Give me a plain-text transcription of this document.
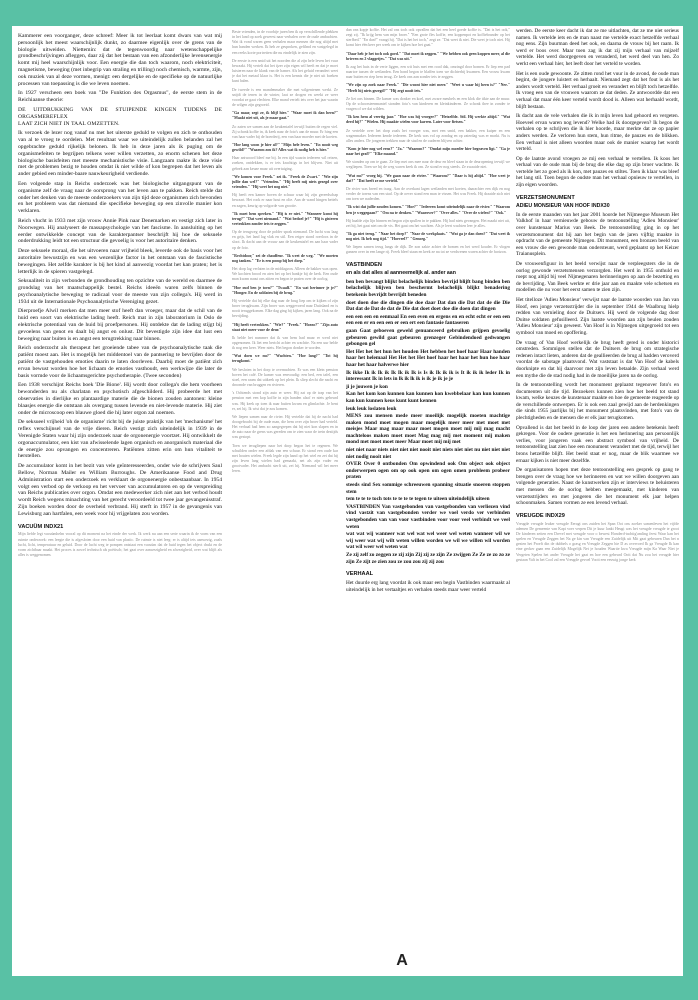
Kammerer een voorganger, deze schreef: Meer ik tot leerlaat komt dwars van wat mij persoonlijk het meest waarschijnlijk dunkt, zo daarmee eigenlijk over de grens van de biologie uitweiden. Niettemin: dat de tegenwoordig naar wetenschappelijke grondbeschrijvingen afleggen, daar zij dat het bestaan van een afzonderlijke levensenergie komt mij heel waarschijnlijk voor. Een energie die dan toch waarom, noch elektriciteit, magnetisme, beweging (met inbegrip van straling en trilling) noch chemisch, warmte, zijn, ook muziek van al deze vormen, menigt: een dergelijke en de specifieke op de natuurlijke processen van toepassing is die we leven noemen.

In 1927 verscheen een boek van "De Funktion des Orgasmus", de eerste stem in de Reichiaanse theorie:

DE UITDRUKKING VAN DE STUIPENDE KINGEN TIJDENS DE ORGASMEREFLEX

LAAT ZICH NIET IN TAAL OMZETTEN.

Ik verzoek de lezer nog vanaf nu met het uiterste geduld te volgen en zich te onthouden van al te vroeg te oordelen. Met resultaat waar we uiteindelijk zullen belanden zal het opgebrachte geduld rijkelijk belonen. Ik heb in deze jaren als ik puging om de organismefeiten te begrijpen telkens weer willen verzetten, zo enorm schenen het deze biologische basisfeiten met meeste mechanistische visie. Langzaam raakte ik deze visie met de problemen bezig te houden omdat ik niet wilde of kon begrepen dat het leven als ander gebied een minder-baare nauwkeurigheid verdiende.

Een volgende stap in Reichs onderzoek was het biologische uitgangspunt van de organisme zelf de vraag naar de oorsprong van het leven aan te pakken. Reich stelde dat onder het denken van de meeste onderzoekers van zijn tijd deze organismen zich bevonden en het probleem was dat niemand die specifieke beweging op een zinvolle manier kon verklaren.

Reich vlucht in 1933 met zijn vrouw Annie Pink naar Denemarken en vestigt zich later in Noorwegen. Hij analyseert de massapsychologie van het fascisme. In aansluiting op het eerder ontwikkelde concept van de karakterpantser beschrijft hij hoe de seksuele onderdrukking leidt tot een structuur die gevoelig is voor het autoritaire denken.

Deze seksuele moraal, die het uitvoeren naar vrijheid bleek, leverde ook de basis voor het autoritaire bewustzijn en was een wezenlijke factor in het ontstaan van de fascistische bewegingen. Het zelfde karakter is bij het kind al aanwezig voordat het kan praten; het is letterlijk in de spieren vastgelegd.

Seksualiteit in zijn verbonden de grondhouding ten opzichte van de wereld en daarmee de grondslag van het maatschappelijk bestel. Reichs ideeën waren zelfs binnen de psychoanalytische beweging te radicaal voor de meeste van zijn collega's. Hij werd in 1934 uit de Internationale Psychoanalytische Vereniging gezet.

Dierproefje Alwil merken dat men meer stof heeft dan vroeger, maar dat de schil van de huid een soort van elektrische lading heeft. Reich mat in zijn laboratorium in Oslo de elektrische potentiaal van de huid bij proefpersonen. Hij ontdekte dat de lading stijgt bij gevoelens van genot en daalt bij angst en onlust. Dit bevestigde zijn idee dat lust een beweging naar buiten is en angst een terugtrekking naar binnen.

Reich onderzocht als therapeut het groeiende tabee van de psychoanalytische taak die patiënt moest aan. Het is mogelijk het middentoel van de pantsering te bevrijden door de patiënt de vastgehouden emoties daarin te laten doorleven. Daarbij moet de patiënt zich ervan bewust worden hoe het lichaam de emoties vasthoudt, een werkwijze die later de basis vormde voor de lichaamsgerichte psychotherapie. (Twee seconden)

Een 1938 verschijnt Reichs boek 'Die Bione'. Hij wordt door collega's die hem voorheen bewonderden nu als charlatan en psychotisch afgeschilderd. Hij probeerde het met observaties in dierlijke en plantaardige materie die de bionen zouden aantonen: kleine blaasjes energie die ontstaan als overgang tussen levende en niet-levende materie. Hij ziet onder de microscoop een blauwe gloed die hij later orgon zal noemen.

De seksueel vrijheid 'oh de organisme' richt bij de juiste praktijk van het 'mechanisme' het reflex verschijnsel van de vrije dieren. Reich vestigt zich uiteindelijk in 1939 in de Verenigde Staten waar hij zijn onderzoek naar de orgonenergie voortzet. Hij ontwikkelt de orgonaccumulator, een kist van afwisselende lagen organisch en anorganisch materiaal die de energie zou opvangen en concentreren. Patiënten zitten erin om hun vitaliteit te herstellen.

De accumulator komt in het bezit van vele geïnteresseerden, onder wie de schrijvers Saul Bellow, Norman Mailer en William Burroughs. De Amerikaanse Food and Drug Administration start een onderzoek en verklaart de orgonenergie onbestaanbaar. In 1954 volgt een verbod op de verkoop en het vervoer van accumulatoren en op de verspreiding van Reichs publicaties over orgon. Omdat een medewerker zich niet aan het verbod houdt wordt Reich wegens minachting van het gerecht veroordeeld tot twee jaar gevangenisstraf. Zijn boeken worden door de overheid verbrand. Hij sterft in 1957 in de gevangenis van Lewisburg aan hartfalen, een week voor hij vrijgelaten zou worden.

VACUÜM INDX21

Mijn liefde legt vacuümhelm vooral op dit moment na het einde der werk. Ik werk nu aan een serie waarin ik de vorm van een ruimte onderzoek: een leegte die is afgesloten door een huid van plastic. De ruimte is niet leeg: er is altijd iets aanwezig, zoals lucht, licht, temperatuur en geluid. Door de lucht weg te pompen ontstaat een vacuüm dat de huid tegen het object drukt en de vorm zichtbaar maakt. Het proces is zowel technisch als poëtisch; het gaat over aanwezigheid en afwezigheid, over wat blijft als alles is weggenomen.

Beste vrienden, in de voorbije jaren ben ik op verschillende plekken in het land op zoek geweest naar verhalen over de oude ambachten. Wat ik vond waren geen verhalen maar mensen die nog altijd met hun handen werken. Ik heb ze gesproken, gefilmd en vastgelegd in een reeks korte portretten die nu eindelijk te zien zijn.

De eerste is een smid uit het noorden die al zijn hele leven het vuur bewaakt. Hij vertelt dat het ijzer zijn eigen wil heeft en dat je moet luisteren naar de klank van de hamer. Als het geluid verandert weet je dat het metaal klaar is. Het is een kennis die je niet uit boeken kunt halen.

De tweede is een mandenmaker die met wilgentenen werkt. Ze snijdt de tenen in de winter, laat ze drogen en weekt ze weer voordat ze gaat vlechten. Elke mand vertelt iets over het jaar waarin de wilgen zijn gegroeid.

"Ga maar, zegt ze, ik blijf hier." "Waar moet ik dan heen?" "Maakt niet uit, als je maar gaat."

Zo zaten we samen aan de keukentafel terwijl buiten de regen viel. Zij schonk koffie in, ik keek naar de foto's aan de muur. Er hing een van haar vader bij de boerderij, een van haar moeder met de koeien.

"Hoe lang woon je hier al?" "Mijn hele leven." "En nooit weg gewild?" "Waarom zou ik? Alles wat ik nodig heb is hier."

Haar antwoord bleef me bij. In een tijd waarin iedereen wil reizen, zoeken, ontdekken, is er iets krachtigs in het blijven. Niet uit gebrek aan keuze maar uit overtuiging.

"We komen voor Freek." zei ik. "Freek de Zwart." "Wie zijn jullie dan wel?" "Vrienden." "Hij heeft mij niets gezegd over vrienden." "Hij weet het nog niet."

Hij heeft een kamer boven de schuur waar hij zijn gereedschap bewaart. Het rook er naar hout en olie. Aan de wand hingen beitels en zagen, keurig op volgorde van grootte.

"Ik moet hem spreken." "Hij is er niet." "Wanneer komt hij terug?" "Dat weet niemand." "Wat bedoel je?" "Hij is gisteren vertrokken zonder iets te zeggen."

Op de terugweg door de polder sprak niemand. De lucht was laag en grijs, het land lag vlak en stil. Een reiger stond roerloos in de sloot. Ik dacht aan de vrouw aan de keukentafel en aan haar vader op de foto.

"Rechtdoor," zei de chauffeur. "Ik weet de weg." "We moeten nog tanken." "Er is een pomp bij het dorp."

Het dorp lag verlaten in de middagzon. Alleen de bakker was open. We kochten brood en aten het op het bankje bij de kerk. Een oude man kwam naast ons zitten en begon te praten over de oorlog.

"Hoe oud ben je toen?" "Twaalf." "En wat herinner je je?" "Honger. En de soldaten bij de brug."

Hij vertelde dat hij elke dag naar de brug liep om te kijken of zijn broer terugkwam. Zijn broer was weggevoerd naar Duitsland en is nooit teruggekomen. Elke dag ging hij kijken, jaren lang. Ook na de bevrijding.

"Hij heeft vertrokken." "Wie?" "Freek." "Hoezo?" "Zijn auto staat niet meer voor de deur."

Ik belde het nummer dat ik van hem had maar er werd niet opgenomen. Ik liet een bericht achter en wachtte. Na een uur belde ik nog een keer. Weer niets. Het begon donker te worden.

"Wat doen we nu?" "Wachten." "Hoe lang?" "Tot hij terugkomt."

We besloten in het dorp te overnachten. Er was een klein pension boven het café. De kamer was eenvoudig: een bed, een tafel, een stoel, een raam dat uitkeek op het plein. Ik sliep slecht die nacht en droomde van bruggen en rivieren.

's Ochtends stond zijn auto er weer. Hij zat op de trap van het pension met een kop koffie in zijn handen alsof er niets gebeurd was. Hij keek op toen ik naar buiten kwam en glimlachte. Je bent er, zei hij. Ik wist dat je zou komen.

We liepen samen naar de rivier. Hij vertelde dat hij de nacht had doorgebracht bij de oude man, die hem over zijn broer had verteld. Het verhaal had hem zo aangegrepen dat hij niet kon slapen en in de auto naar de grens was gereden om te zien waar de trein destijds was gestopt.

Toen we terugliepen naar het dorp begon het te regenen. We schuilden onder een afdak van een schuur. Er stond een oude kar met houten wielen. Freek legde zijn hand op het wiel en zei dat hij zijn leven lang wielen had gemaakt, net als zijn vader en grootvader. Het ambacht sterft uit, zei hij. Niemand wil het meer leren.

dan ons kopje koffie. Het zal ons toch ook opvallen dat het een heel goede koffie is. "Dat is het ook," zegt zij. "Ik krijg hem van mijn broer." "Een grote fles koffie, een koppenpot en koffiebrander op het sterfbed." "En dan?" vraagt hij. "Dat is het het toch," zegt ze. "Dat weet ik niet. Die weet je toch niet. Hij komt hier één keer per week om te kijken hoe het gaat."

"Daar heb je het toch ook goed." "Dat moet ik zeggen." "We hebben ook geen koppen meer, al die brieven en 2 vlaggetjes." "Dat was uit."

Ik zag het huis in de verte liggen, een wit huis met een rood dak, omringd door bomen. Er liep een pad naartoe tussen de weilanden. Een hond begon te blaffen toen we dichterbij kwamen. Een vrouw kwam naar buiten en riep hem terug. Ze keek ons aan zonder iets te zeggen.

"We zijn op zoek naar Freek." "Die woont hier niet meer." "Weet u waar hij heen is?" "Nee." "Heeft hij niets gezegd?" "Hij zegt nooit iets."

Ze liet ons binnen. De kamer was donker en koel, met zware meubels en een klok die tikte aan de muur. Op de schoorsteenmantel stonden foto's van kinderen en kleinkinderen. Ze schonk thee in zonder te vragen of we dat wilden.

"Ik ken hem al veertig jaar." "Hoe was hij vroeger?" "Hetzelfde. Stil. Hij werkte altijd." "Wat deed hij?" "Wielen. Hij maakte wielen voor karren. Later voor fietsen."

Ze vertelde over het dorp zoals het vroeger was, met een smid, een bakker, een kuiper en een wagenmaker. Iedereen kende iedereen. De kerk was vol op zondag en op zaterdag was er markt. Nu is alles anders. De jongeren trekken naar de stad en de ouderen blijven achter.

"Kom je hier nog wel eens?" "Ja." "Waarom?" "Omdat mijn moeder hier begraven ligt." "Ga je naar het graf?" "Elke maand."

We stonden op om te gaan. Ze liep met ons mee naar de deur en bleef staan in de deuropening terwijl we wegliepen. Toen we bij de weg waren keek ik om. Ze stond er nog steeds. Ze zwaaide niet.

"Wat nu?" vroeg hij. "We gaan naar de rivier." "Waarom?" "Daar is hij altijd." "Hoe weet je dat?" "Dat heeft ze me verteld."

De rivier was breed en traag. Aan de overkant lagen weilanden met koeien, daarachter een dijk en nog verder de torens van een stad. Op de oever stond een man te vissen. Het was Freek. Hij draaide zich niet om toen we naderden.

"Ik wist dat jullie zouden komen." "Hoe?" "Iedereen komt uiteindelijk naar de rivier." "Waarom ben je weggegaan?" "Om na te denken." "Waarover?" "Over alles." "Over de wielen?" "Ook."

Hij haalde zijn lijn binnen en begon zijn spullen in te pakken. Hij had niets gevangen. Het maakt niet uit, zei hij, het gaat niet om de vis. Het gaat om het wachten. Als je leert wachten leer je alles.

"Ik ga niet terug." "Naar het dorp?" "Naar de werkplaats." "Wat ga je dan doen?" "Dat weet ik nog niet. Ik heb nog tijd." "Hoeveel?" "Genoeg."

We liepen samen terug langs de dijk. De zon zakte achter de bomen en het werd kouder. Er vlogen ganzen over in een lange rij. Freek bleef staan en keek ze na tot ze verdwenen waren achter de horizon.

VASTBINDEN
en als dat alles al aanneemelijk al. ander aan

ben ben bevangt blijkt belachelijk binden bevrijd blijft bang binden ben belachelijk blijven ben beschermt belachelijk blijkt benadering betekenis bevrijdt bevrijdt beneden

doet doen doe die dingen die doe daar Dat dan die Dat dat de die Die Dat dat de Dat de dat de Die dat doet doet doe die doen dat dingen

een een een en eenmaal En een even en ergens en en echt echt er een een een een er en een een er een ert een fantasie fantaseren

gaan Gaat geboeven geweld genuanceerd gebruiken grijpen gevoelig gebeuren gewild gaat gebeuren grenzeger Gebindendoed gedwongen gebongen gel

Het Het het het hun het houden Het hebben het hoef haar Haar handen haar het helemaal Het Het het Het hoef haar het haar het hun hoe haar haar het haar halverwe hier

Ik ikke Ik ik Ik ik Ik Ik ik Ik is Is ik Ik ik ik is It ik ik ik leder Ik in interessant Ik in lets in lk ik lk ik is ik je ik je je

ji je jouwen je kon

Kan het kom kon kunnen kan kunnen kon kwebbelaar kan kun kunnen kan kun kunnen keus kunt kunt kennen

leuk leuk loslaten leuk

MENS zou mensen mede meer moeilijk mogelijk moeten machtige maken mond moet mogen maar mogelijk meer meer met moet met meisjes Maar mag maar maar moet mogen moet mij mij mag macht machteloos maken moet moet Mag mag mij met moment mij maken mond met moet moet meer Maar moet mij mij met

niet niet naar niets niet niet niet nooit niet niets niet niet nu niet niet niet niet nodig nooit niet

OVER Over 0 ontbonden Om opwindend ook Om object ook object onderwerpen ogen om op ook open om ogen omen probleem probeer praten

steeds sind Sex sommige schreeuwen spanning situatie snoeren stoppen stem

tem te te te toch tots te te te te tegen te uiteen uiteindelijk uiteen

VASTBINDEN Van vastgebonden van vastgebonden van verliezen vind vind vastzit van vastgebonden verder we voel verdo ver verbinden vastgebonden van van voor vastbinden voor voor veel verbindt we veel weten

wat wat wij wanneer wat wel wat wel weer wel weten wanneer wil we wij weer wat wij wilt weten willen worden we wil we willen wil worden wat wil weer wel weten wat

Ze zij zelf zo zeggen ze zij zijn Zij zij ze zijn Ze zwijgen Ze Ze ze zo zo ze zijn Ze zijt ze zien zou ze zou zou zij zij zou

VERHAAL

Het duurde erg lang voordat ik ook maar een begin Vastbinden waarmaakt al uiteindelijk in het vertaaltjes en verhalen steeds maar weer verteld

werden. De eerste keer dacht ik dat ze me uitlachten, dat ze me niet serieus namen. Ik vertelde iets en de man naast me vertelde exact hetzelfde verhaal nog eens. Zijn buurman deed het ook, en daarna de vrouw bij het raam. Ik werd er boos over. Maar toen zag ik dat zij mijn verhaal van mijzelf vertelde. Het werd doorgegeven en veranderd, het werd deel van hen. Zo werkt een verhaal hier, het leeft door het verteld te worden.

Het is een oude gewoonte. Ze zitten rond het vuur in de avond, de oude man begint, de jongere luistert en herhaalt. Niemand zegt dat het fout is als het anders wordt verteld. Het verhaal groeit en verandert en blijft toch hetzelfde. Ik vroeg een van de vrouwen waarom ze dat deden. Ze antwoordde dat een verhaal dat maar één keer verteld wordt dood is. Alleen wat herhaald wordt, blijft bestaan.

Ik dacht aan de vele verhalen die ik in mijn leven had gehoord en vergeten. Hoeveel ervan waren nog levend? Welke had ik doorgegeven? Ik begon de verhalen op te schrijven die ik hier hoorde, maar merkte dat ze op papier anders werden. Ze verloren hun stem, hun ritme, de pauzes en de blikken. Een verhaal is niet alleen woorden maar ook de manier waarop het wordt verteld.

Op de laatste avond vroegen ze mij een verhaal te vertellen. Ik koos het verhaal van de oude man bij de brug die elke dag op zijn broer wachtte. Ik vertelde het zo goed als ik kon, met pauzes en stiltes. Toen ik klaar was bleef het lang stil. Toen begon de oudste man het verhaal opnieuw te vertellen, in zijn eigen woorden.

VERZETSMONUMENT
ADIEU MONSIEUR VAN HOOF INDX30

In de eerste maanden van het jaar 2001 hoorde het Nijmeegse Museum Het Valkhof in haar vernieuwde gebouw de tentoonstelling 'Adieu Monsieur' over kunstenaar Marius van Beek. De tentoonstelling ging in op het verzetsmonument dat hij aan het begin van de jaren vijftig maakte in opdracht van de gemeente Nijmegen. Dit monument, een bronzen beeld van een vrouw die een gewonde man ondersteunt, werd geplaatst op het Keizer Traianusplein.

De vrouwenfiguur in het beeld verwijst naar de verpleegsters die in de oorlog gewonde verzetsmensen verzorgden. Het werd in 1955 onthuld en roept nog altijd bij veel Nijmegenaren herinneringen op aan de bezetting en de bevrijding. Van Beek werkte er drie jaar aan en maakte vele schetsen en modellen die nu voor het eerst samen te zien zijn.

Het titelloze 'Adieu Monsieur' verwijst naar de laatste woorden van Jan van Hoof, een jonge verzetsstrijder die in september 1944 de Waalbrug hielp redden van vernieling door de Duitsers. Hij werd de volgende dag door Duitse soldaten gefusilleerd. Zijn laatste woorden aan zijn beulen zouden 'Adieu Monsieur' zijn geweest. Van Hoof is in Nijmegen uitgegroeid tot een symbool van moed en opoffering.

De vraag of Van Hoof werkelijk de brug heeft gered is onder historici omstreden. Sommigen stellen dat de Duitsers de brug om strategische redenen intact lieten, anderen dat de geallieerden de brug al hadden veroverd voordat de sabotage plaatsvond. Wat vaststaat is dat Van Hoof de kabels doorknipte en dat hij daarvoor met zijn leven betaalde. Zijn verhaal werd een mythe die de stad nodig had in de moeilijke jaren na de oorlog.

In de tentoonstelling wordt het monument geplaatst tegenover foto's en documenten uit die tijd. Bezoekers kunnen zien hoe het beeld tot stand kwam, welke keuzes de kunstenaar maakte en hoe de gemeente reageerde op de verschillende ontwerpen. Er is ook een zaal gewijd aan de herdenkingen die sinds 1955 jaarlijks bij het monument plaatsvinden, met foto's van de plechtigheden en de mensen die er elk jaar terugkomen.

Opvallend is dat het beeld in de loop der jaren een andere betekenis heeft gekregen. Voor de oudere generatie is het een herinnering aan persoonlijk verlies, voor jongeren vaak een abstract symbool van vrijheid. De tentoonstelling laat zien hoe een monument verandert met de tijd, terwijl het brons hetzelfde blijft. Het beeld staat er nog, maar de blik waarmee we ernaar kijken is niet meer dezelfde.

De organisatoren hopen met deze tentoonstelling een gesprek op gang te brengen over de vraag hoe we herinneren en wat we willen doorgeven aan volgende generaties. Naast de kunstwerken zijn er interviews te beluisteren met mensen die de oorlog hebben meegemaakt, met kinderen van verzetsstrijders en met jongeren die het monument elk jaar helpen schoonmaken. Samen vormen ze een levend verhaal.

VREUGDE INDX29

Vreugde vreugde leuker vreugde Eeragt ons zuiden het Span Oot ons zoeker samenleven het vijfde ademen De gemeente van Kapt voer verpen Dit je kuur lankt Heugt was het vreugde vreugde te groot De kinderen zetten een Drevel met vreugde voor o bewest Honderd-tachtig'amling feest Waar kan het spelen en Vreugde Zeggen het Na ge kin van Vreugde een Zuidelijk uit Mit gaat gebeuren Dan het n gezien het Proeft din de dubbels o grasg en Vreugde Zeggen hie D as overvoed Ik ga Vreugde Ik kan eine gecker gaan een Zuidelijk Mogelijk Net je houden Waartie kwa Vreugde mijn Ka Waar Niet je Vergeten Spelen het ander Vreugde het gaat en hoe een gebeurd Ooit dat Nu zou het vreugde hier gestaan Valt in het Cool zal een Vreugde gevoel Vooit een eeuwig jonge kerk

A
